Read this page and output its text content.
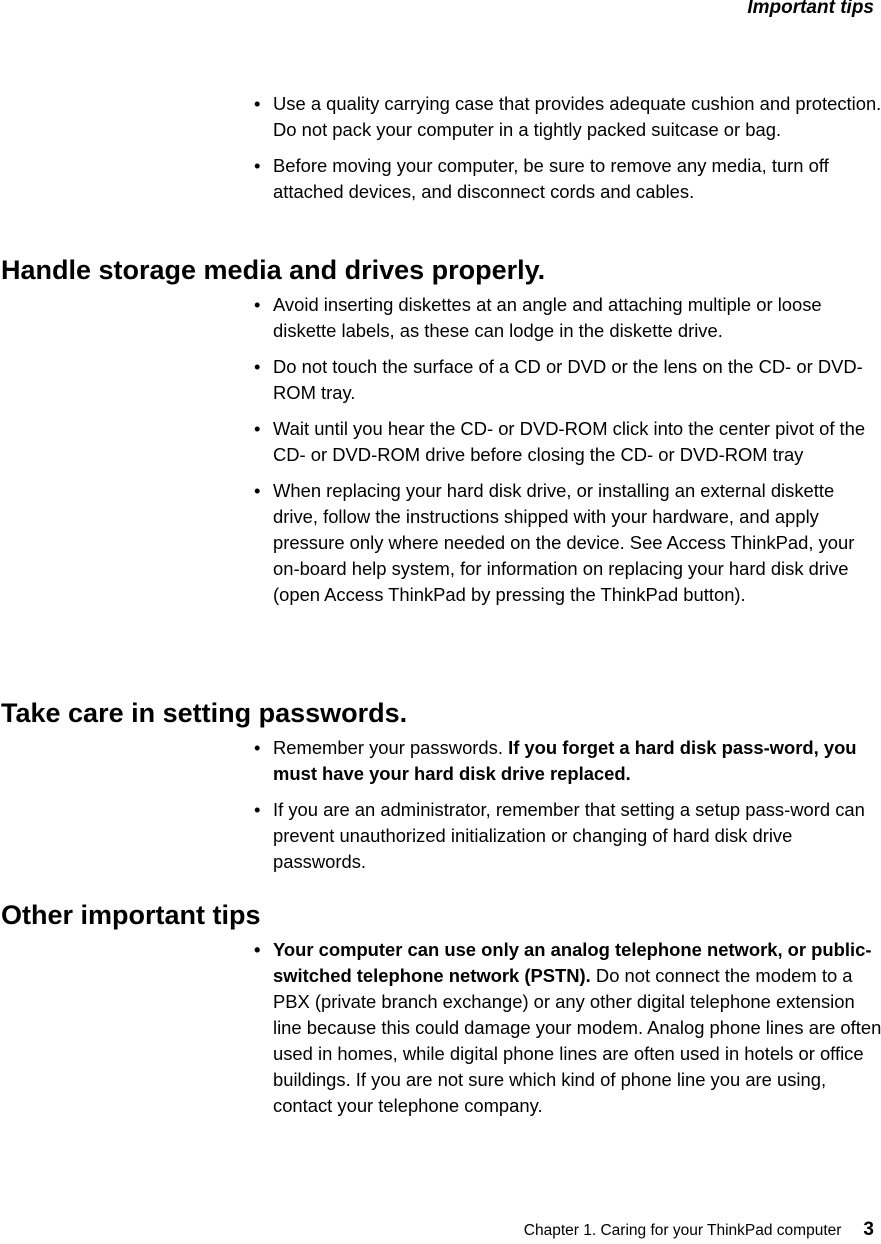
Important tips
• Use a quality carrying case that provides adequate cushion and protection. Do not pack your computer in a tightly packed suitcase or bag.
• Before moving your computer, be sure to remove any media, turn off attached devices, and disconnect cords and cables.
Handle storage media and drives properly.
• Avoid inserting diskettes at an angle and attaching multiple or loose diskette labels, as these can lodge in the diskette drive.
• Do not touch the surface of a CD or DVD or the lens on the CD- or DVD-ROM tray.
• Wait until you hear the CD- or DVD-ROM click into the center pivot of the CD- or DVD-ROM drive before closing the CD- or DVD-ROM tray
• When replacing your hard disk drive, or installing an external diskette drive, follow the instructions shipped with your hardware, and apply pressure only where needed on the device. See Access ThinkPad, your on-board help system, for information on replacing your hard disk drive (open Access ThinkPad by pressing the ThinkPad button).
Take care in setting passwords.
• Remember your passwords. If you forget a hard disk pass-word, you must have your hard disk drive replaced.
• If you are an administrator, remember that setting a setup pass-word can prevent unauthorized initialization or changing of hard disk drive passwords.
Other important tips
• Your computer can use only an analog telephone network, or public-switched telephone network (PSTN). Do not connect the modem to a PBX (private branch exchange) or any other digital telephone extension line because this could damage your modem. Analog phone lines are often used in homes, while digital phone lines are often used in hotels or office buildings. If you are not sure which kind of phone line you are using, contact your telephone company.
Chapter 1. Caring for your ThinkPad computer 3
